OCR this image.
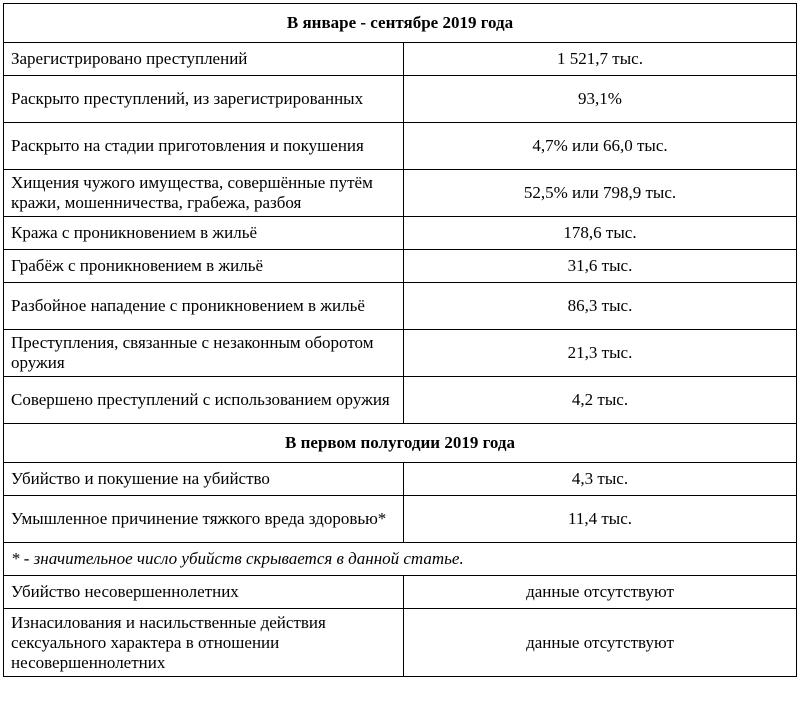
В январе - сентябре 2019 года	
Зарегистрировано преступлений	1 521,7 тыс.
Раскрыто преступлений, из зарегистрированных	93,1%
Раскрыто на стадии приготовления и покушения	4,7% или 66,0 тыс.
Хищения чужого имущества, совершённые путём кражи, мошенничества, грабежа, разбоя	52,5% или 798,9 тыс.
Кража с проникновением в жильё	178,6 тыс.
Грабёж с проникновением в жильё	31,6 тыс.
Разбойное нападение с проникновением в жильё	86,3 тыс.
Преступления, связанные с незаконным оборотом оружия	21,3 тыс.
Совершено преступлений с использованием оружия	4,2 тыс.
В первом полугодии 2019 года	
Убийство и покушение на убийство	4,3 тыс.
Умышленное причинение тяжкого вреда здоровью*	11,4 тыс.
* - значительное число убийств скрывается в данной статье.	
Убийство несовершеннолетних	данные отсутствуют
Изнасилования и насильственные действия сексуального характера в отношении несовершеннолетних	данные отсутствуют
